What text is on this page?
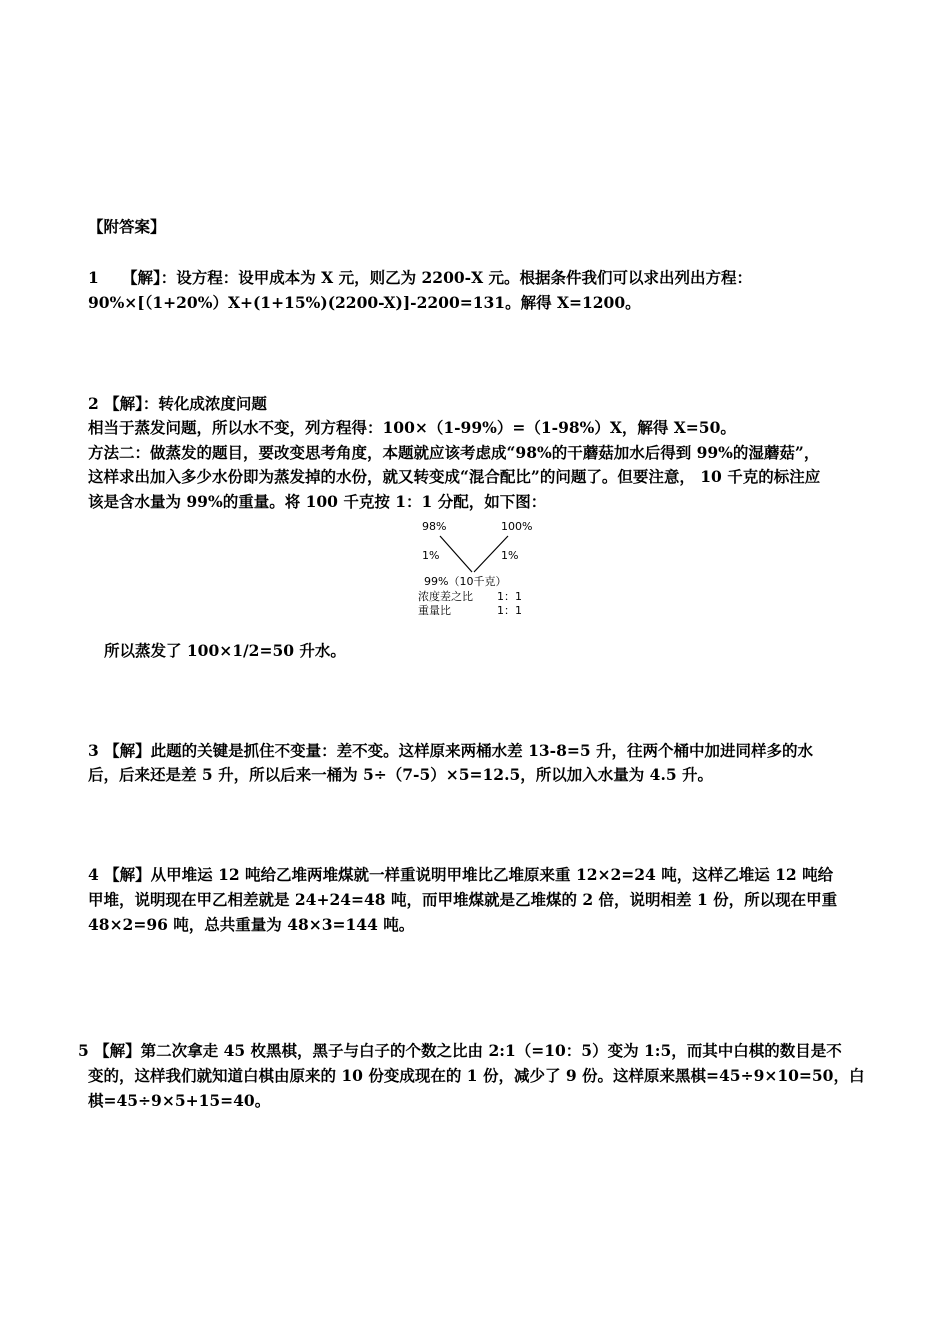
【附答案】
1　　【解】：设方程：设甲成本为 X 元，则乙为 2200-X 元。根据条件我们可以求出列出方程：
90%×[（1+20%）X+(1+15%)(2200-X)]-2200=131。解得 X=1200。
2 【解】：转化成浓度问题
相当于蒸发问题，所以水不变，列方程得：100×（1-99%）=（1-98%）X，解得 X=50。
方法二：做蒸发的题目，要改变思考角度，本题就应该考虑成“98%的干蘑菇加水后得到 99%的湿蘑菇”，
这样求出加入多少水份即为蒸发掉的水份，就又转变成“混合配比”的问题了。但要注意， 10 千克的标注应
该是含水量为 99%的重量。将 100 千克按 1：1 分配，如下图：
98%	100%
1%	1%
99%（10千克）
浓度差之比 1：1
重量比	1：1
所以蒸发了 100×1/2=50 升水。
3 【解】此题的关键是抓住不变量：差不变。这样原来两桶水差 13-8=5 升，往两个桶中加进同样多的水
后，后来还是差 5 升，所以后来一桶为 5÷（7-5）×5=12.5，所以加入水量为 4.5 升。
4 【解】从甲堆运 12 吨给乙堆两堆煤就一样重说明甲堆比乙堆原来重 12×2=24 吨，这样乙堆运 12 吨给
甲堆，说明现在甲乙相差就是 24+24=48 吨，而甲堆煤就是乙堆煤的 2 倍，说明相差 1 份，所以现在甲重
48×2=96 吨，总共重量为 48×3=144 吨。
5 【解】第二次拿走 45 枚黑棋，黑子与白子的个数之比由 2:1（=10：5）变为 1:5，而其中白棋的数目是不
变的，这样我们就知道白棋由原来的 10 份变成现在的 1 份，减少了 9 份。这样原来黑棋=45÷9×10=50，白
棋=45÷9×5+15=40。
